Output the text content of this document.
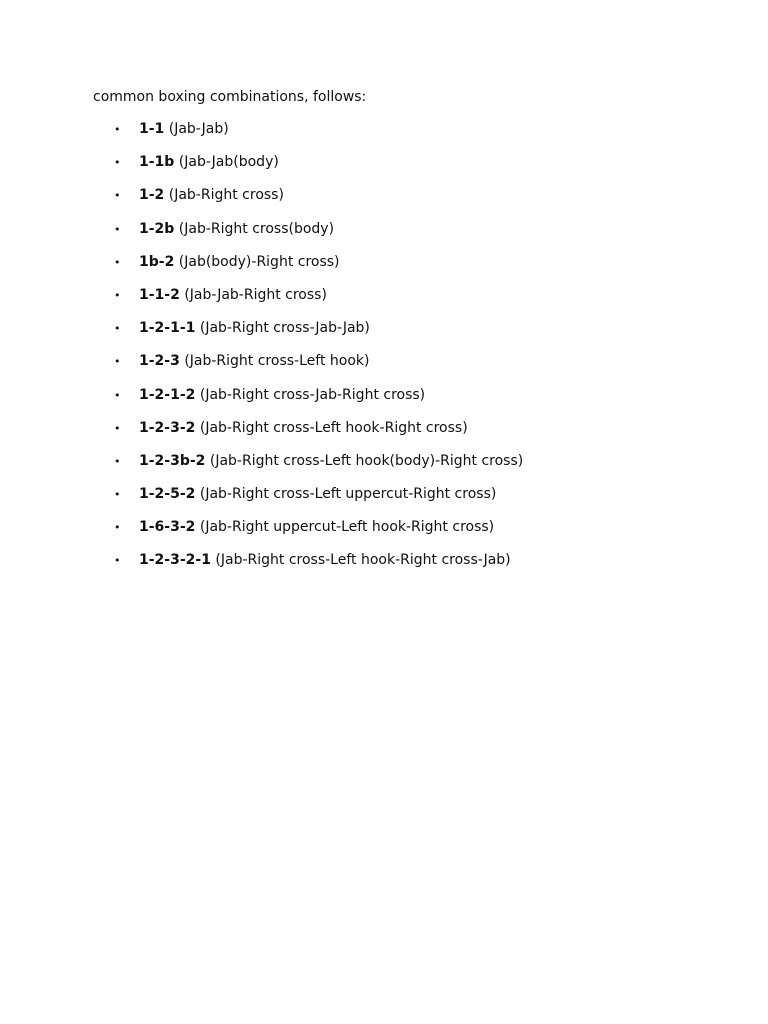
common boxing combinations, follows:
• 1-1 (Jab-Jab)
• 1-1b (Jab-Jab(body)
• 1-2 (Jab-Right cross)
• 1-2b (Jab-Right cross(body)
• 1b-2 (Jab(body)-Right cross)
• 1-1-2 (Jab-Jab-Right cross)
• 1-2-1-1 (Jab-Right cross-Jab-Jab)
• 1-2-3 (Jab-Right cross-Left hook)
• 1-2-1-2 (Jab-Right cross-Jab-Right cross)
• 1-2-3-2 (Jab-Right cross-Left hook-Right cross)
• 1-2-3b-2 (Jab-Right cross-Left hook(body)-Right cross)
• 1-2-5-2 (Jab-Right cross-Left uppercut-Right cross)
• 1-6-3-2 (Jab-Right uppercut-Left hook-Right cross)
• 1-2-3-2-1 (Jab-Right cross-Left hook-Right cross-Jab)
